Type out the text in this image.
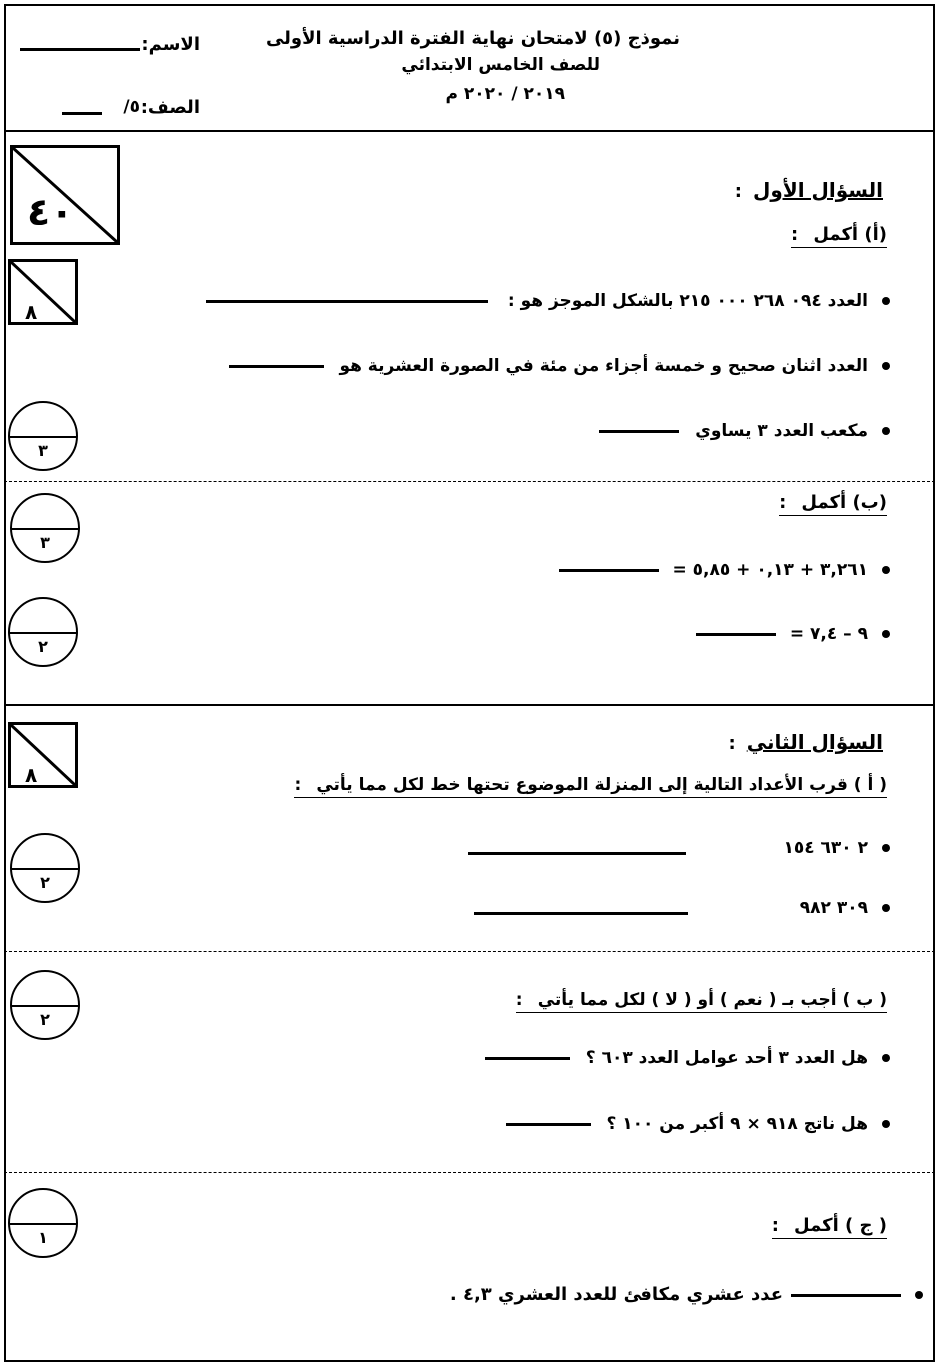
نموذج (٥) لامتحان نهاية الفترة الدراسية الأولى
للصف الخامس الابتدائي
٢٠١٩ / ٢٠٢٠ م
الاسم:
الصف:
٥/
٤٠	السؤال الأول :
(أ) أكمل :
٨	العدد ٠٩٤ ٢٦٨ ٠٠٠ ٢١٥ بالشكل الموجز هو :
العدد اثنان صحيح و خمسة أجزاء من مئة في الصورة العشرية هو
مكعب العدد ٣ يساوي
٣
(ب) أكمل :
٣
٢
٣,٢٦١ + ٠,١٣ + ٥,٨٥ =
٩ – ٧,٤ =
٨
السؤال الثاني :
( أ ) قرب الأعداد التالية إلى المنزلة الموضوع تحتها خط لكل مما يأتي :
٢
٢ ٦٣٠ ١٥٤
٣٠٩ ٩٨٢
٢
( ب ) أجب بـ ( نعم ) أو ( لا ) لكل مما يأتي :
هل العدد ٣ أحد عوامل العدد ٦٠٣ ؟
هل ناتج ٩١٨ × ٩ أكبر من ١٠٠ ؟
١
( ج ) أكمل :
عدد عشري مكافئ للعدد العشري ٤,٣ .
